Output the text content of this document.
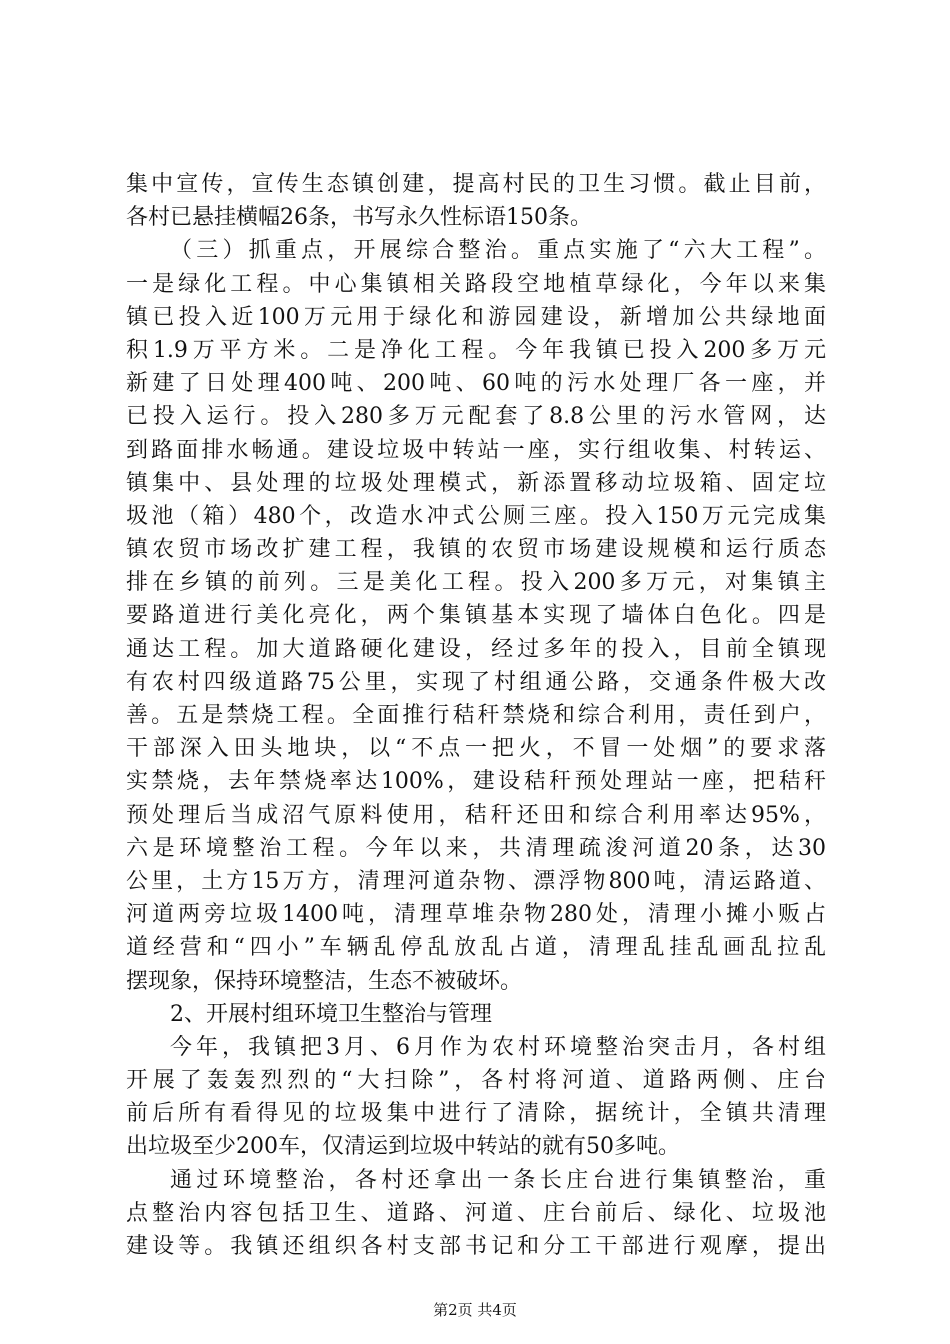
集中宣传，宣传生态镇创建，提高村民的卫生习惯。截止目前，
各村已悬挂横幅26条，书写永久性标语150条。
（三）抓重点，开展综合整治。重点实施了“六大工程”。
一是绿化工程。中心集镇相关路段空地植草绿化，今年以来集
镇已投入近100万元用于绿化和游园建设，新增加公共绿地面
积1.9万平方米。二是净化工程。今年我镇已投入200多万元
新建了日处理400吨、200吨、60吨的污水处理厂各一座，并
已投入运行。投入280多万元配套了8.8公里的污水管网，达
到路面排水畅通。建设垃圾中转站一座，实行组收集、村转运、
镇集中、县处理的垃圾处理模式，新添置移动垃圾箱、固定垃
圾池（箱）480个，改造水冲式公厕三座。投入150万元完成集
镇农贸市场改扩建工程，我镇的农贸市场建设规模和运行质态
排在乡镇的前列。三是美化工程。投入200多万元，对集镇主
要路道进行美化亮化，两个集镇基本实现了墙体白色化。四是
通达工程。加大道路硬化建设，经过多年的投入，目前全镇现
有农村四级道路75公里，实现了村组通公路，交通条件极大改
善。五是禁烧工程。全面推行秸秆禁烧和综合利用，责任到户，
干部深入田头地块，以“不点一把火，不冒一处烟”的要求落
实禁烧，去年禁烧率达100%，建设秸秆预处理站一座，把秸秆
预处理后当成沼气原料使用，秸秆还田和综合利用率达95%，
六是环境整治工程。今年以来，共清理疏浚河道20条，达30
公里，土方15万方，清理河道杂物、漂浮物800吨，清运路道、
河道两旁垃圾1400吨，清理草堆杂物280处，清理小摊小贩占
道经营和“四小”车辆乱停乱放乱占道，清理乱挂乱画乱拉乱
摆现象，保持环境整洁，生态不被破坏。
2、开展村组环境卫生整治与管理
今年，我镇把3月、6月作为农村环境整治突击月，各村组
开展了轰轰烈烈的“大扫除”，各村将河道、道路两侧、庄台
前后所有看得见的垃圾集中进行了清除，据统计，全镇共清理
出垃圾至少200车，仅清运到垃圾中转站的就有50多吨。
通过环境整治，各村还拿出一条长庄台进行集镇整治，重
点整治内容包括卫生、道路、河道、庄台前后、绿化、垃圾池
建设等。我镇还组织各村支部书记和分工干部进行观摩，提出
第2页 共4页
